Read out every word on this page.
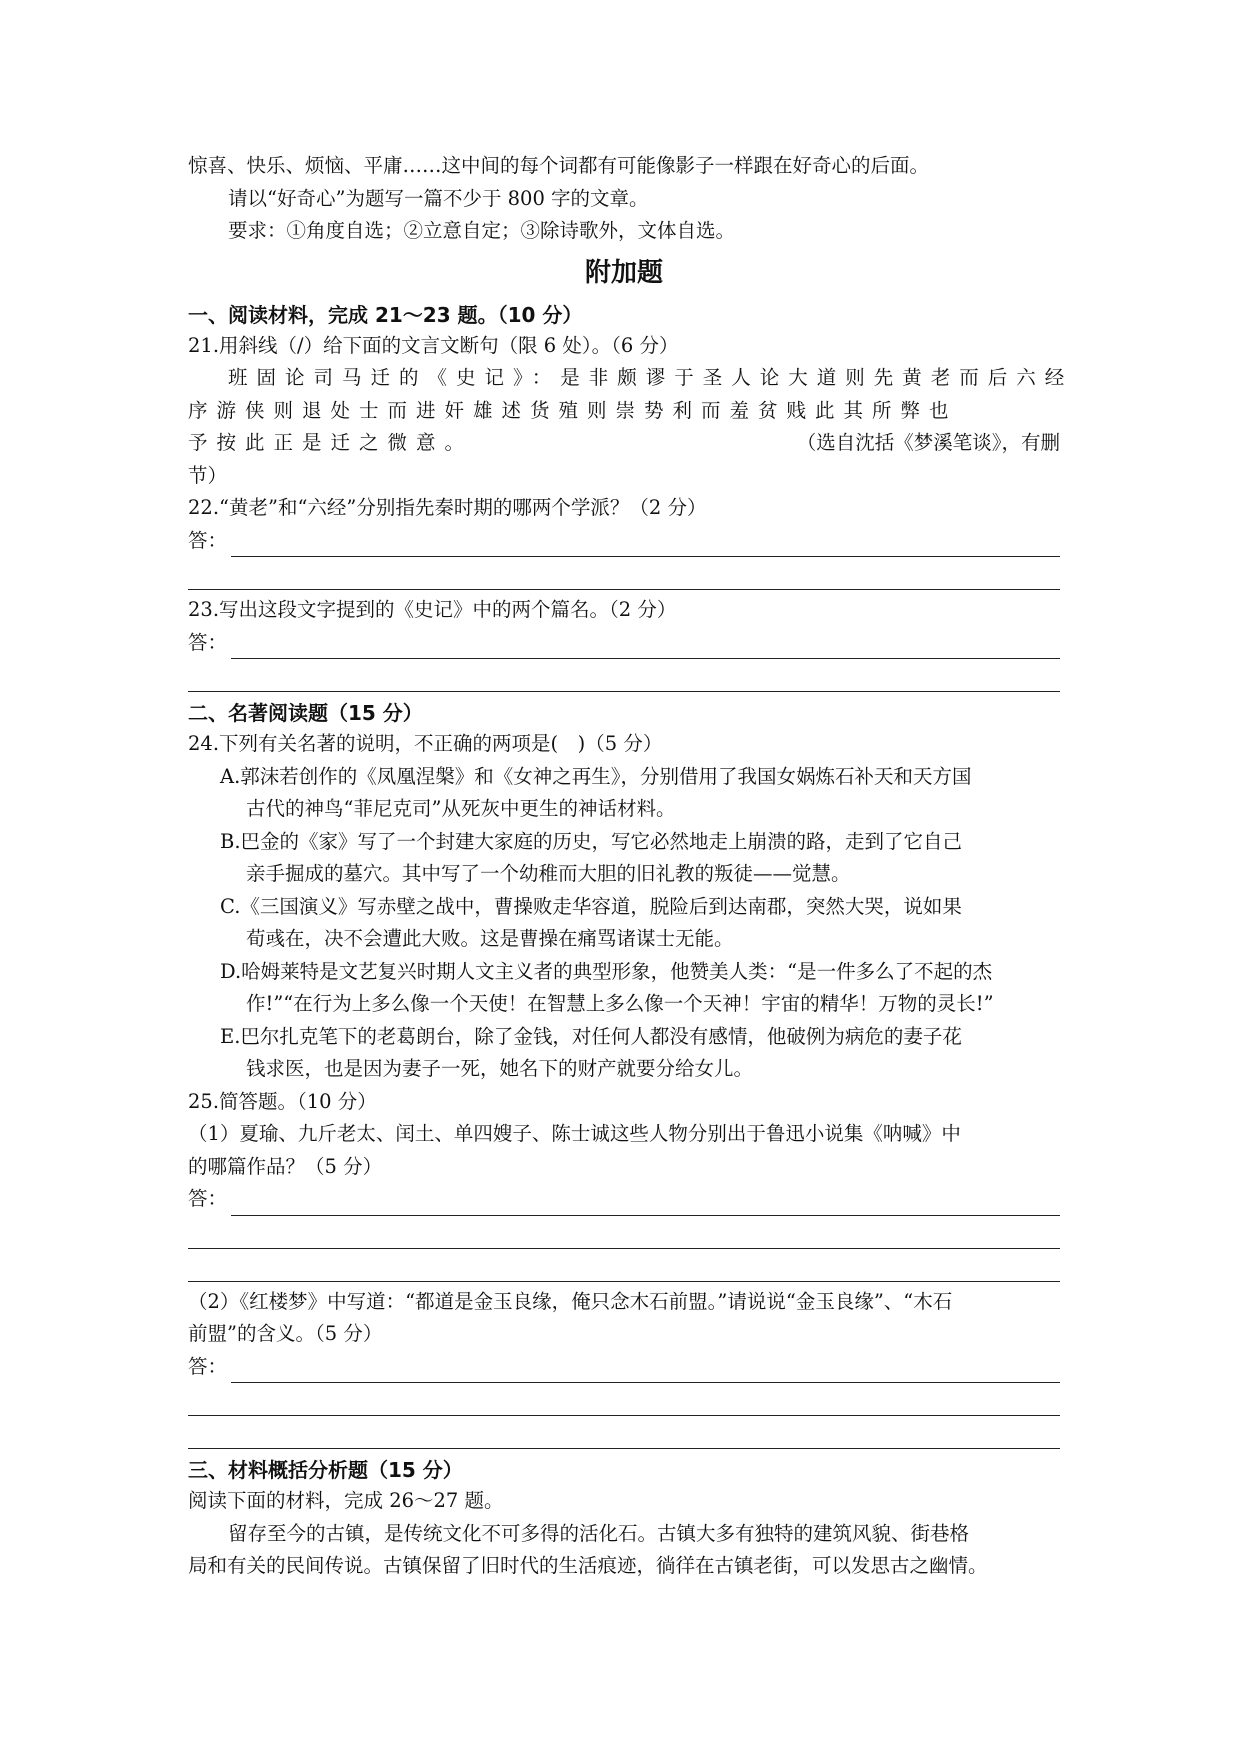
惊喜、快乐、烦恼、平庸……这中间的每个词都有可能像影子一样跟在好奇心的后面。
请以“好奇心”为题写一篇不少于 800 字的文章。
要求：①角度自选；②立意自定；③除诗歌外，文体自选。
附加题
一、阅读材料，完成 21～23 题。（10 分）
21.用斜线（/）给下面的文言文断句（限 6 处）。（6 分）
班固论司马迁的《史记》：是非颇谬于圣人论大道则先黄老而后六经
序游侠则退处士而进奸雄述货殖则崇势利而羞贫贱此其所弊也
予按此正是迁之微意。	（选自沈括《梦溪笔谈》，有删
节）
22.“黄老”和“六经”分别指先秦时期的哪两个学派？（2 分）
答：
23.写出这段文字提到的《史记》中的两个篇名。（2 分）
答：
二、名著阅读题（15 分）
24.下列有关名著的说明，不正确的两项是(　)（5 分）
A.郭沫若创作的《凤凰涅槃》和《女神之再生》，分别借用了我国女娲炼石补天和天方国
古代的神鸟“菲尼克司”从死灰中更生的神话材料。
B.巴金的《家》写了一个封建大家庭的历史，写它必然地走上崩溃的路，走到了它自己
亲手掘成的墓穴。其中写了一个幼稚而大胆的旧礼教的叛徒——觉慧。
C.《三国演义》写赤壁之战中，曹操败走华容道，脱险后到达南郡，突然大哭，说如果
荀彧在，决不会遭此大败。这是曹操在痛骂诸谋士无能。
D.哈姆莱特是文艺复兴时期人文主义者的典型形象，他赞美人类：“是一件多么了不起的杰
作!”“在行为上多么像一个天使！在智慧上多么像一个天神！宇宙的精华！万物的灵长!”
E.巴尔扎克笔下的老葛朗台，除了金钱，对任何人都没有感情，他破例为病危的妻子花
钱求医，也是因为妻子一死，她名下的财产就要分给女儿。
25.简答题。（10 分）
（1）夏瑜、九斤老太、闰土、单四嫂子、陈士诚这些人物分别出于鲁迅小说集《呐喊》中
的哪篇作品？（5 分）
答：
（2）《红楼梦》中写道：“都道是金玉良缘，俺只念木石前盟。”请说说“金玉良缘”、“木石
前盟”的含义。（5 分）
答：
三、材料概括分析题（15 分）
阅读下面的材料，完成 26～27 题。
留存至今的古镇，是传统文化不可多得的活化石。古镇大多有独特的建筑风貌、街巷格
局和有关的民间传说。古镇保留了旧时代的生活痕迹，徜徉在古镇老街，可以发思古之幽情。
